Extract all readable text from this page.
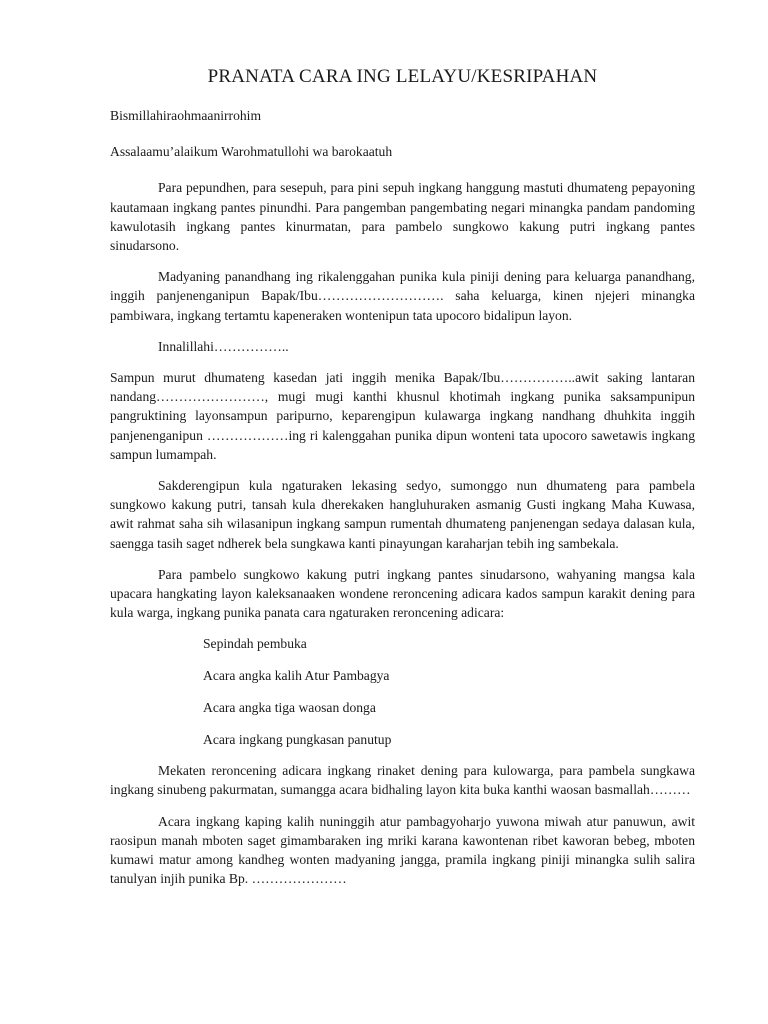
PRANATA CARA ING LELAYU/KESRIPAHAN
Bismillahiraohmaanirrohim
Assalaamu’alaikum Warohmatullohi wa barokaatuh

Para pepundhen, para sesepuh, para pini sepuh ingkang hanggung mastuti dhumateng pepayoning kautamaan ingkang pantes pinundhi. Para pangemban pangembating negari minangka pandam pandoming kawulotasih ingkang pantes kinurmatan, para pambelo sungkowo kakung putri ingkang pantes sinudarsono.

Madyaning panandhang ing rikalenggahan punika kula piniji dening para keluarga panandhang, inggih panjenenganipun Bapak/Ibu………………………. saha keluarga, kinen njejeri minangka pambiwara, ingkang tertamtu kapeneraken wontenipun tata upocoro bidalipun layon.

Innalillahi……………..

Sampun murut dhumateng kasedan jati inggih menika Bapak/Ibu……………..awit saking lantaran nandang……………………, mugi mugi kanthi khusnul khotimah ingkang punika saksampunipun pangruktining layonsampun paripurno, keparengipun kulawarga ingkang nandhang dhuhkita inggih panjenenganipun ………………ing ri kalenggahan punika dipun wonteni tata upocoro sawetawis ingkang sampun lumampah.

Sakderengipun kula ngaturaken lekasing sedyo, sumonggo nun dhumateng para pambela sungkowo kakung putri, tansah kula dherekaken hangluhuraken asmanig Gusti ingkang Maha Kuwasa, awit rahmat saha sih wilasanipun ingkang sampun rumentah dhumateng panjenengan sedaya dalasan kula, saengga tasih saget ndherek bela sungkawa kanti pinayungan karaharjan tebih ing sambekala.

Para pambelo sungkowo kakung putri ingkang pantes sinudarsono, wahyaning mangsa kala upacara hangkating layon kaleksanaaken wondene reroncening adicara kados sampun karakit dening para kula warga, ingkang punika panata cara ngaturaken reroncening adicara:

Sepindah pembuka
Acara angka kalih Atur Pambagya
Acara angka tiga waosan donga
Acara ingkang pungkasan panutup

Mekaten reroncening adicara ingkang rinaket dening para kulowarga, para pambela sungkawa ingkang sinubeng pakurmatan, sumangga acara bidhaling layon kita buka kanthi waosan basmallah………

Acara ingkang kaping kalih nuninggih atur pambagyoharjo yuwona miwah atur panuwun, awit raosipun manah mboten saget gimambaraken ing mriki karana kawontenan ribet kaworan bebeg, mboten kumawi matur among kandheg wonten madyaning jangga, pramila ingkang piniji minangka sulih salira tanulyan injih punika Bp. …………………
